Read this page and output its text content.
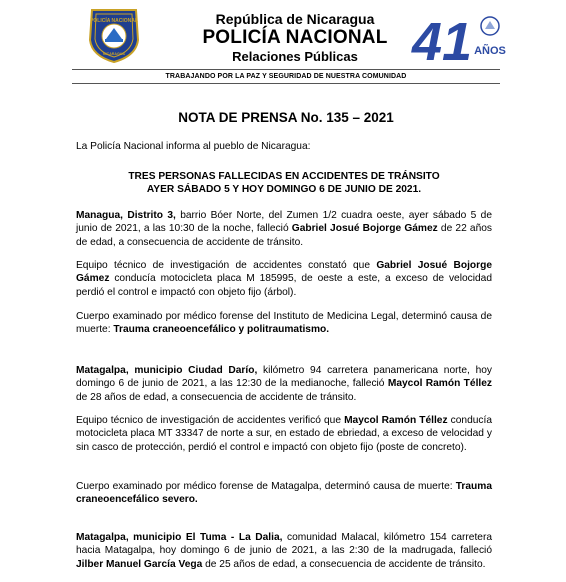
POLICÍA NACIONAL
NICARAGUA
República de Nicaragua
POLICÍA NACIONAL
Relaciones Públicas	41 AÑOS
TRABAJANDO POR LA PAZ Y SEGURIDAD DE NUESTRA COMUNIDAD
NOTA DE PRENSA No. 135 – 2021
La Policía Nacional informa al pueblo de Nicaragua:
TRES PERSONAS FALLECIDAS EN ACCIDENTES DE TRÁNSITO
AYER SÁBADO 5 Y HOY DOMINGO 6 DE JUNIO DE 2021.
Managua, Distrito 3, barrio Bóer Norte, del Zumen 1/2 cuadra oeste, ayer sábado 5 de junio de 2021, a las 10:30 de la noche, falleció Gabriel Josué Bojorge Gámez de 22 años de edad, a consecuencia de accidente de tránsito.
Equipo técnico de investigación de accidentes constató que Gabriel Josué Bojorge Gámez conducía motocicleta placa M 185995, de oeste a este, a exceso de velocidad perdió el control e impactó con objeto fijo (árbol).
Cuerpo examinado por médico forense del Instituto de Medicina Legal, determinó causa de muerte: Trauma craneoencefálico y politraumatismo.
Matagalpa, municipio Ciudad Darío, kilómetro 94 carretera panamericana norte, hoy domingo 6 de junio de 2021, a las 12:30 de la medianoche, falleció Maycol Ramón Téllez de 28 años de edad, a consecuencia de accidente de tránsito.
Equipo técnico de investigación de accidentes verificó que Maycol Ramón Téllez conducía motocicleta placa MT 33347 de norte a sur, en estado de ebriedad, a exceso de velocidad y sin casco de protección, perdió el control e impactó con objeto fijo (poste de concreto).
Cuerpo examinado por médico forense de Matagalpa, determinó causa de muerte: Trauma craneoencefálico severo.
Matagalpa, municipio El Tuma - La Dalia, comunidad Malacal, kilómetro 154 carretera hacia Matagalpa, hoy domingo 6 de junio de 2021, a las 2:30 de la madrugada, falleció Jilber Manuel García Vega de 25 años de edad, a consecuencia de accidente de tránsito.
